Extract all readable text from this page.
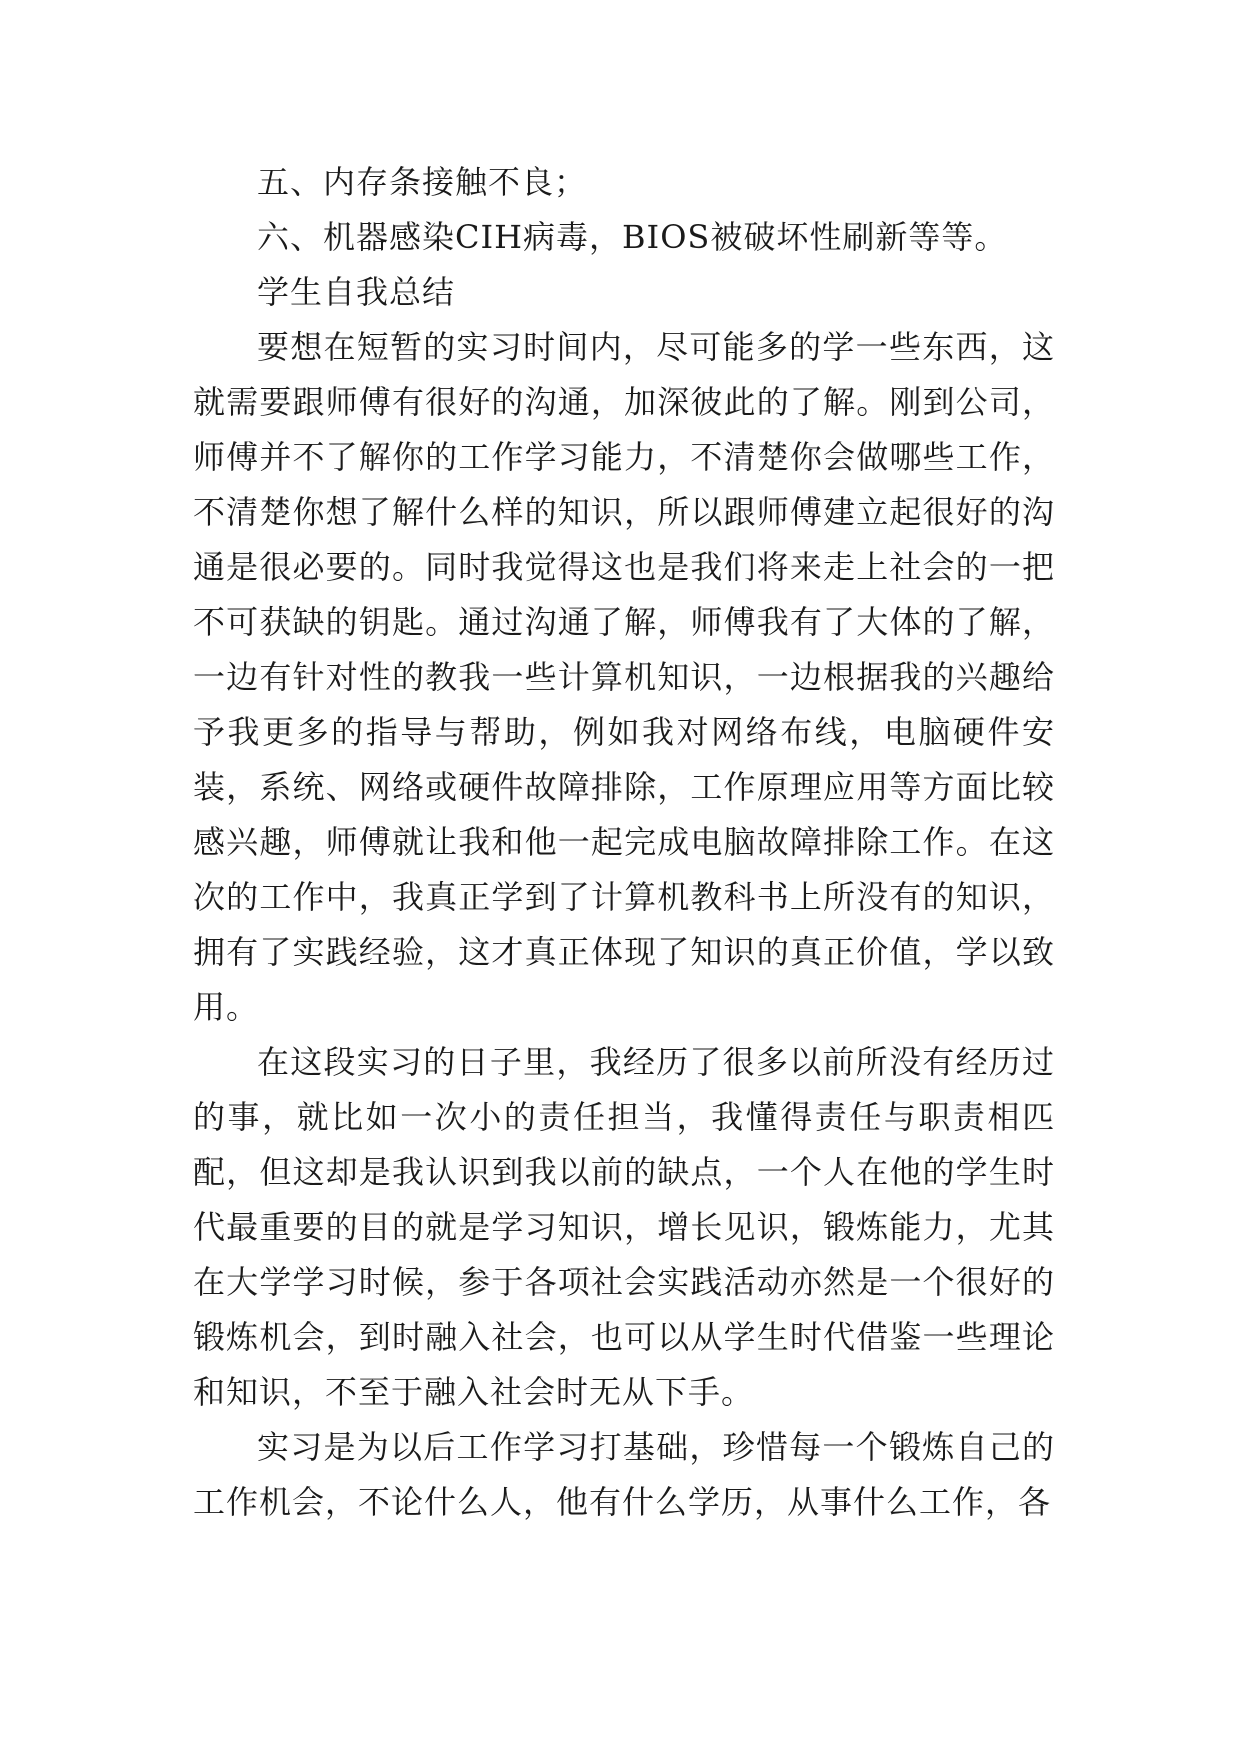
五、内存条接触不良；

六、机器感染CIH病毒，BIOS被破坏性刷新等等。

学生自我总结

要想在短暂的实习时间内，尽可能多的学一些东西，这就需要跟师傅有很好的沟通，加深彼此的了解。刚到公司，师傅并不了解你的工作学习能力，不清楚你会做哪些工作，不清楚你想了解什么样的知识，所以跟师傅建立起很好的沟通是很必要的。同时我觉得这也是我们将来走上社会的一把不可获缺的钥匙。通过沟通了解，师傅我有了大体的了解，一边有针对性的教我一些计算机知识，一边根据我的兴趣给予我更多的指导与帮助，例如我对网络布线，电脑硬件安装，系统、网络或硬件故障排除，工作原理应用等方面比较感兴趣，师傅就让我和他一起完成电脑故障排除工作。在这次的工作中，我真正学到了计算机教科书上所没有的知识，拥有了实践经验，这才真正体现了知识的真正价值，学以致用。

在这段实习的日子里，我经历了很多以前所没有经历过的事，就比如一次小的责任担当，我懂得责任与职责相匹配，但这却是我认识到我以前的缺点，一个人在他的学生时代最重要的目的就是学习知识，增长见识，锻炼能力，尤其在大学学习时候，参于各项社会实践活动亦然是一个很好的锻炼机会，到时融入社会，也可以从学生时代借鉴一些理论和知识，不至于融入社会时无从下手。

实习是为以后工作学习打基础，珍惜每一个锻炼自己的工作机会，不论什么人，他有什么学历，从事什么工作，各
